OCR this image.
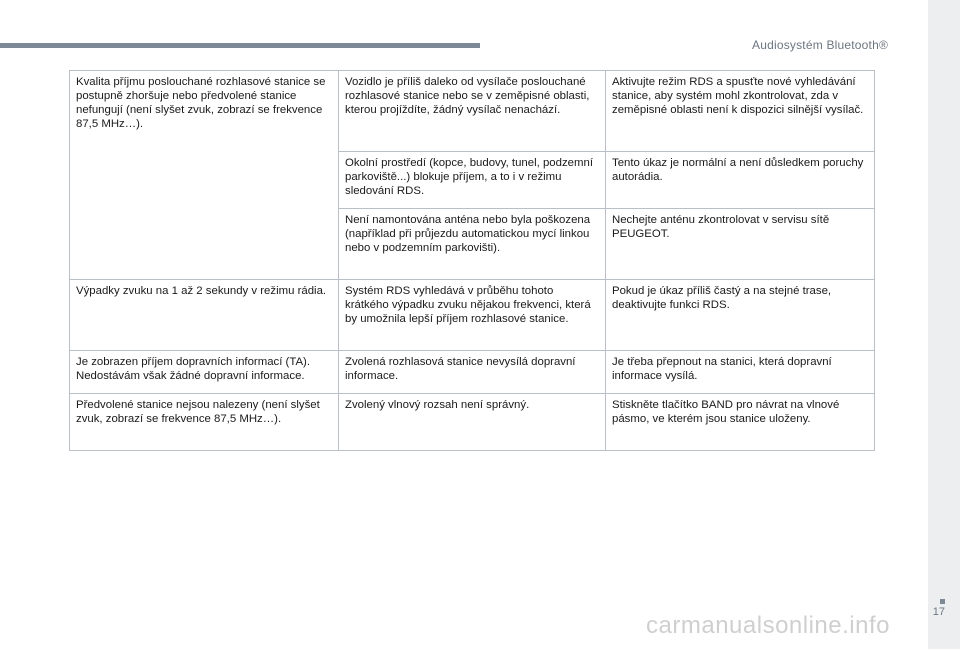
Audiosystém Bluetooth®
17
Kvalita příjmu poslouchané rozhlasové stanice se postupně zhoršuje nebo předvolené stanice nefungují (není slyšet zvuk, zobrazí se frekvence 87,5 MHz…).	Vozidlo je příliš daleko od vysílače poslouchané rozhlasové stanice nebo se v zeměpisné oblasti, kterou projíždíte, žádný vysílač nenachází.	Aktivujte režim RDS a spusťte nové vyhledávání stanice, aby systém mohl zkontrolovat, zda v zeměpisné oblasti není k dispozici silnější vysílač.
	Okolní prostředí (kopce, budovy, tunel, podzemní parkoviště...) blokuje příjem, a to i v režimu sledování RDS.	Tento úkaz je normální a není důsledkem poruchy autorádia.
	Není namontována anténa nebo byla poškozena (například při průjezdu automatickou mycí linkou nebo v podzemním parkovišti).	Nechejte anténu zkontrolovat v servisu sítě PEUGEOT.
Výpadky zvuku na 1 až 2 sekundy v režimu rádia.	Systém RDS vyhledává v průběhu tohoto krátkého výpadku zvuku nějakou frekvenci, která by umožnila lepší příjem rozhlasové stanice.	Pokud je úkaz příliš častý a na stejné trase, deaktivujte funkci RDS.
Je zobrazen příjem dopravních informací (TA). Nedostávám však žádné dopravní informace.	Zvolená rozhlasová stanice nevysílá dopravní informace.	Je třeba přepnout na stanici, která dopravní informace vysílá.
Předvolené stanice nejsou nalezeny (není slyšet zvuk, zobrazí se frekvence 87,5 MHz…).	Zvolený vlnový rozsah není správný.	Stiskněte tlačítko BAND pro návrat na vlnové pásmo, ve kterém jsou stanice uloženy.
carmanualsonline.info
